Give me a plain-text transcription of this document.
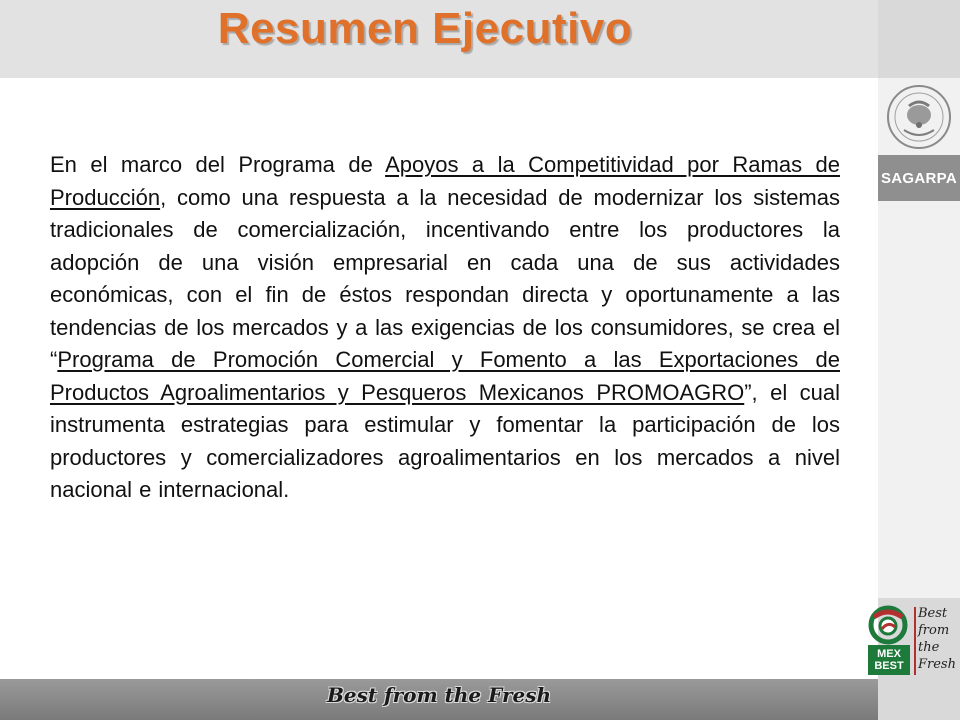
Resumen Ejecutivo
SAGARPA
En el marco del Programa de Apoyos a la Competitividad por Ramas de Producción, como una respuesta a la necesidad de modernizar los sistemas tradicionales de comercialización, incentivando entre los productores la adopción de una visión empresarial en cada una de sus actividades económicas, con el fin de éstos respondan directa y oportunamente a las tendencias de los mercados y a las exigencias de los consumidores, se crea el “Programa de Promoción Comercial y Fomento a las Exportaciones de Productos Agroalimentarios y Pesqueros Mexicanos PROMOAGRO”, el cual instrumenta estrategias para estimular y fomentar la participación de los productores y comercializadores agroalimentarios en los mercados a nivel nacional e internacional.
Best from the Fresh
MEX
BEST
Best
from
the
Fresh
